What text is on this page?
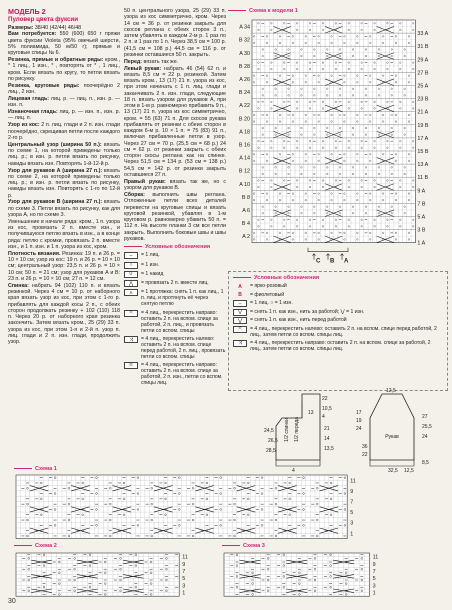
МОДЕЛЬ 2
Пуловер цвета фуксии

Размеры: 38/40 (42/44) 46/48

Вам потребуется: 550 (600) 650 г пряжи цвета фуксии Violeta (95% овечьей шерсти, 5% полиамида, 50 м/50 г); прямые и круговые спицы № 6.

Резинка, прямые и обратные ряды: кром., * 1 лиц., 1 изн., * , повторять от * , 1 лиц., кром. Если вязать по кругу, то петли вязать по рисунку.

Резинка, круговые ряды: поочерёдно 2 лиц., 2 изн.

Лицевая гладь: лиц. р. — лиц. п., изн. р. — изн. п.

Изнаночная гладь: лиц. р. — изн. п., изн. р. — лиц. п.

Узор из кос: 2 п. лиц. глади и 2 п. изн. глади поочерёдно, скрещивая петли после каждого 2-го р.

Центральный узор (ширина 50 п.): вязать по схеме 1, на которой приведены только лиц. р.; в изн. р. петли вязать по рисунку, накиды вязать изн. Повторять 1-й-12-й р.

Узор для рукавов А (ширина 27 п.): вязать по схеме 2, на которой приведены только лиц. р.; в изн. р. петли вязать по рисунку, накиды вязать изн. Повторять с 1-го по 12-й р.

Узор для рукавов В (ширина 27 п.): вязать по схеме 3. Петли вязать по рисунку, как для узора А, но по схеме 3.

Уменьшение в начале ряда: кром., 1 п. узора из кос, провязать 2 п. вместе изн., и получившуюся петлю вязать в изн., а в конце ряда: петлю с кромки, провязать 2 п. вместе изн., и 1 п. изн. и 1 п. узора из кос, кром.

Плотность вязания. Резинка: 19 п. и 26 р. = 10 × 10 см; узор из кос: 19 п. и 26 р. = 10 × 10 см; центральный узор: 23,5 п. и 26 р. = 10 × 10 см; 50 п. = 21 см; узор для рукавов А и В: 23 п. и 26 р. = 10 × 10 см; 27 п. = 12 см.

Спинка: набрать 94 (102) 110 п. и вязать резинкой. Через 4 см = 10 р. от наборного края вязать узор из кос, при этом с 1-го р. прибавлять для каждой косы 2 п., с обеих сторон продолжать резинку + 102 (110) 118 п. Через 20 р. от наборного края резинка закончить. Затем вязать кром., 25 (29) 33 п. узора из кос, при этом 1-я и 2-й п. узор п. лиц. глади и 2 п. изн. глади, продолжить узор.

50 п. центрального узора, 25 (29) 33 п. узора из кос симметрично, кром. Через 14 см = 36 р. от резинки закрыть для скосов реглана с обеих сторон 3 п., затем убавлять в каждом 2-м р. 1 раз по 2 п. и 1 раз по 1 п. Через 38,5 см = 100 р. (41,5 см = 108 р.) 44,5 см = 116 р. от резинки оставшиеся 50 п. закрыть.

Перед: вязать так же.

Левый рукав: набрать 46 (54) 62 п. и вязать 8,5 см = 22 р. резинкой. Затем вязать кром., 13 (17) 21 п. узора из кос, при этом начинать с 1 п. лиц. глади и заканчивать 2 п. изн. глади, следующие 18 п. вязать узором для рукавов А, при этом в 1-м р. равномерно прибавить 9 п., 13 (17) 21 п. узора из кос симметрично, кром. = 55 (63) 71 п. Для скосов рукава прибавлять от резинки с обеих сторон в каждом 6-м р. 10 × 1 п. = 75 (83) 91 п., включая прибавленные петли в узор. Через 27 см = 70 р. (25,5 см = 68 р.) 24 см = 62 р. от резинки закрыть с обеих сторон скосы реглана как на спинке. Через 51,5 см = 134 р. (53 см = 138 р.) 54,5 см = 142 р. от резинки закрыть оставшиеся 27 п.

Правый рукав: вязать так же, но с узором для рукавов В.

Сборка: выполнить швы реглана. Отложенные петли всех деталей перевести на круговые спицы и вязать круговой резинкой, убавляя в 1-м круговом р. равномерно убавить 50 п. = 112 п. На высоте планки 3 см все петли закрыть. Выполнить боковые швы и швы рукавов.

Условные обозначения
‒	= 1 лиц.
○	= 1 изн.
∪	= 1 накид
⋀	= провязать 2 п. вместе лиц.
⋏	= 1 протяжка: снять 1 п. как лиц., 1 п. лиц. и протянуть её через снятую петлю
⤧	= 4 лиц., перекрестить направо: оставить 2 п. на вспом. спице за работой, 2 п. лиц., и провязать петли со вспом. спицы
⤨	= 4 лиц., перекрестить налево: оставить 2 п. на вспом. спице перед работой, 2 п. лиц., провязать петли со вспом. спицы
⤧	= 4 лиц., перекрестить направо: оставить 2 п. на вспом. спице за работой, 2 п. изн., петли со вспом. спицы лиц.
Схема к модели 1
A 34
B 32
A 30
B 28
A 26
B 24
A 22
B 20
A 18
B 16
A 14
B 12
A 10
B 8
A 6
B 4
A 2
33 A
31 B
29 A
27 B
25 A
23 B
21 A
19 B
17 A
15 B
13 A
11 B
9 A
7 B
5 A
3 B
1 A
C B A
Условные обозначения
A	= ярко-розовый
B	= фиолетовый
‒	= 1 лиц. ○ = 1 изн.
⋁	= снять 1 п. как изн., нить за работой; ⋁ = 1 изн.
⋁	= снять 1 п. как изн., нить перед работой
⤧	= 4 лиц., перекрестить налево: оставить 2 п. на вспом. спице перед работой, 2 лиц., затем петли со вспом. спицы лиц.
⤨	= 4 лиц., перекрестить направо: оставить 2 п. на вспом. спице за работой, 2 лиц., затем петли со вспом. спицы лиц.
1/2 спинки 1/2 переда	Рукав
22
10,5
4
21
14
13,5
13
4
24,5
26,5
28,5
12,5
17
19
24
27
25,5
24
8,5
36
22
32,5 12,5
Схема 1
11
9
7
5
3
1
Схема 2
11
9
7
5
3
1
Схема 3
11
9
7
5
3
1
30
